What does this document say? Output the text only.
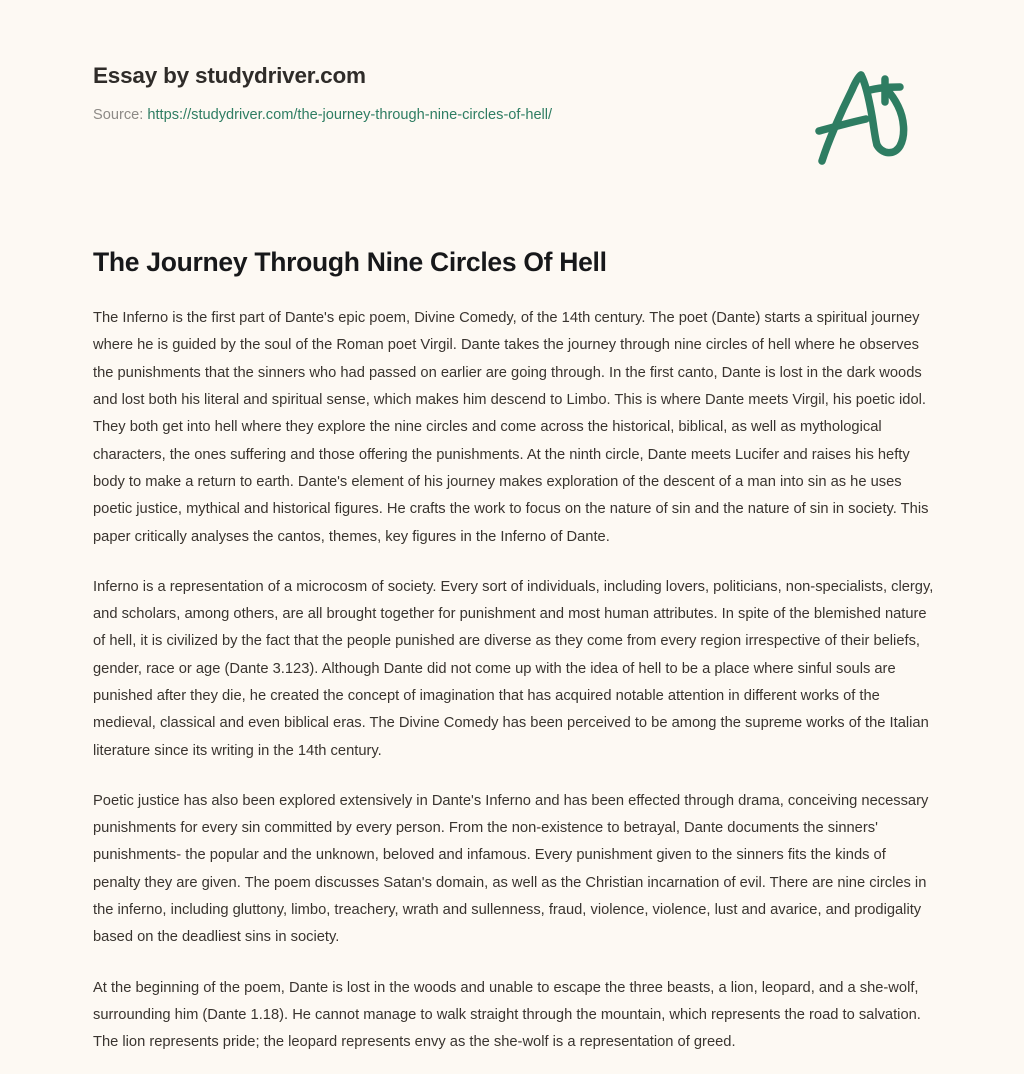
Essay by studydriver.com
Source: https://studydriver.com/the-journey-through-nine-circles-of-hell/
The Journey Through Nine Circles Of Hell

The Inferno is the first part of Dante's epic poem, Divine Comedy, of the 14th century. The poet (Dante) starts a spiritual journey where he is guided by the soul of the Roman poet Virgil. Dante takes the journey through nine circles of hell where he observes the punishments that the sinners who had passed on earlier are going through. In the first canto, Dante is lost in the dark woods and lost both his literal and spiritual sense, which makes him descend to Limbo. This is where Dante meets Virgil, his poetic idol. They both get into hell where they explore the nine circles and come across the historical, biblical, as well as mythological characters, the ones suffering and those offering the punishments. At the ninth circle, Dante meets Lucifer and raises his hefty body to make a return to earth. Dante's element of his journey makes exploration of the descent of a man into sin as he uses poetic justice, mythical and historical figures. He crafts the work to focus on the nature of sin and the nature of sin in society. This paper critically analyses the cantos, themes, key figures in the Inferno of Dante.

Inferno is a representation of a microcosm of society. Every sort of individuals, including lovers, politicians, non-specialists, clergy, and scholars, among others, are all brought together for punishment and most human attributes. In spite of the blemished nature of hell, it is civilized by the fact that the people punished are diverse as they come from every region irrespective of their beliefs, gender, race or age (Dante 3.123). Although Dante did not come up with the idea of hell to be a place where sinful souls are punished after they die, he created the concept of imagination that has acquired notable attention in different works of the medieval, classical and even biblical eras. The Divine Comedy has been perceived to be among the supreme works of the Italian literature since its writing in the 14th century.

Poetic justice has also been explored extensively in Dante's Inferno and has been effected through drama, conceiving necessary punishments for every sin committed by every person. From the non-existence to betrayal, Dante documents the sinners' punishments- the popular and the unknown, beloved and infamous. Every punishment given to the sinners fits the kinds of penalty they are given. The poem discusses Satan's domain, as well as the Christian incarnation of evil. There are nine circles in the inferno, including gluttony, limbo, treachery, wrath and sullenness, fraud, violence, violence, lust and avarice, and prodigality based on the deadliest sins in society.

At the beginning of the poem, Dante is lost in the woods and unable to escape the three beasts, a lion, leopard, and a she-wolf, surrounding him (Dante 1.18). He cannot manage to walk straight through the mountain, which represents the road to salvation. The lion represents pride; the leopard represents envy as the she-wolf is a representation of greed.
